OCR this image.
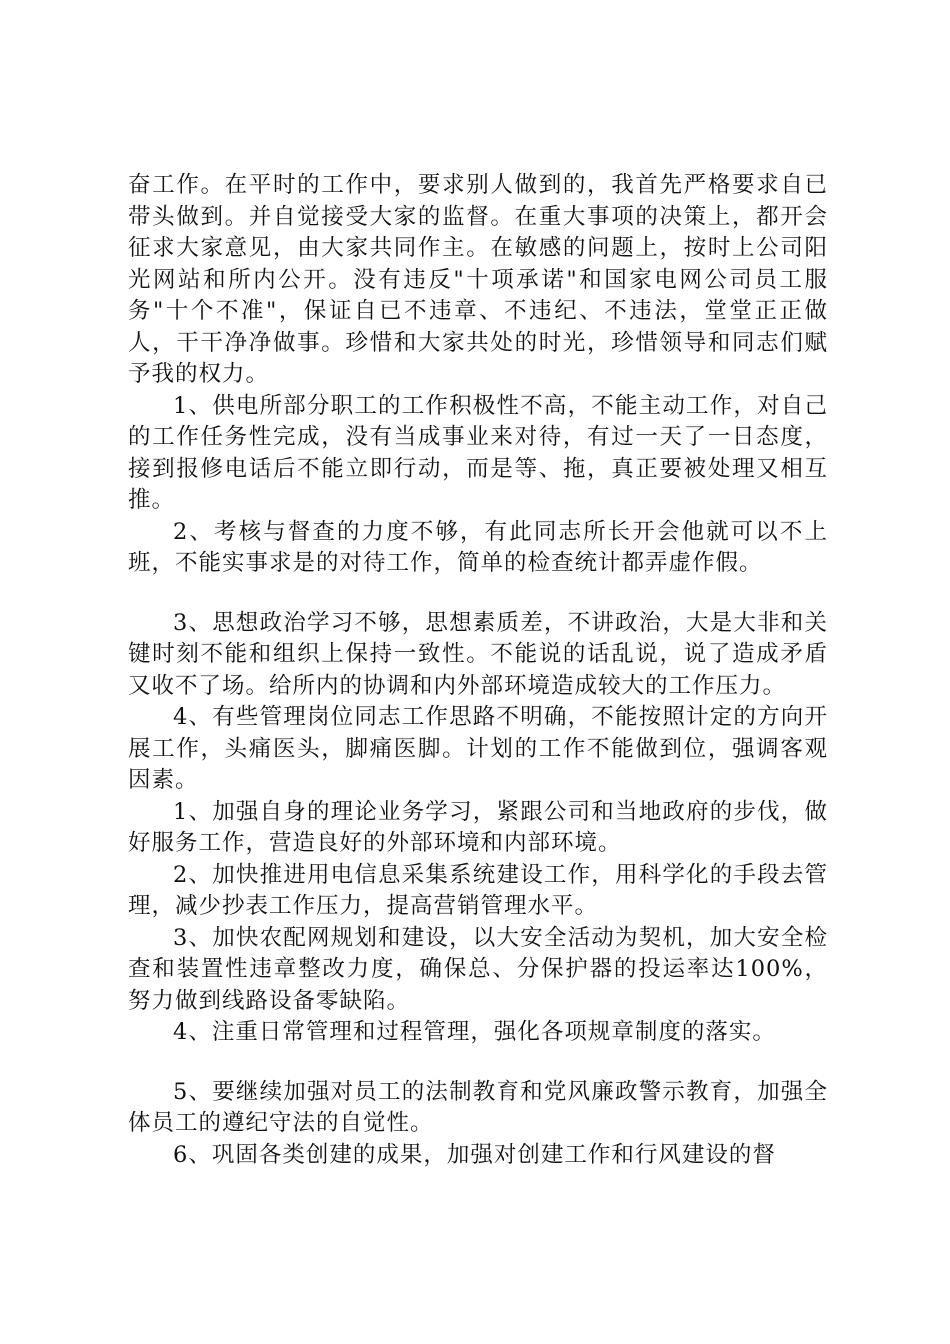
奋工作。在平时的工作中，要求别人做到的，我首先严格要求自已带头做到。并自觉接受大家的监督。在重大事项的决策上，都开会征求大家意见，由大家共同作主。在敏感的问题上，按时上公司阳光网站和所内公开。没有违反"十项承诺"和国家电网公司员工服务"十个不准"，保证自已不违章、不违纪、不违法，堂堂正正做人，干干净净做事。珍惜和大家共处的时光，珍惜领导和同志们赋予我的权力。

1、供电所部分职工的工作积极性不高，不能主动工作，对自己的工作任务性完成，没有当成事业来对待，有过一天了一日态度，接到报修电话后不能立即行动，而是等、拖，真正要被处理又相互推。

2、考核与督查的力度不够，有此同志所长开会他就可以不上班，不能实事求是的对待工作，简单的检查统计都弄虚作假。

3、思想政治学习不够，思想素质差，不讲政治，大是大非和关键时刻不能和组织上保持一致性。不能说的话乱说，说了造成矛盾又收不了场。给所内的协调和内外部环境造成较大的工作压力。

4、有些管理岗位同志工作思路不明确，不能按照计定的方向开展工作，头痛医头，脚痛医脚。计划的工作不能做到位，强调客观因素。

1、加强自身的理论业务学习，紧跟公司和当地政府的步伐，做好服务工作，营造良好的外部环境和内部环境。

2、加快推进用电信息采集系统建设工作，用科学化的手段去管理，减少抄表工作压力，提高营销管理水平。

3、加快农配网规划和建设，以大安全活动为契机，加大安全检查和装置性违章整改力度，确保总、分保护器的投运率达100%，努力做到线路设备零缺陷。

4、注重日常管理和过程管理，强化各项规章制度的落实。

5、要继续加强对员工的法制教育和党风廉政警示教育，加强全体员工的遵纪守法的自觉性。

6、巩固各类创建的成果，加强对创建工作和行风建设的督
